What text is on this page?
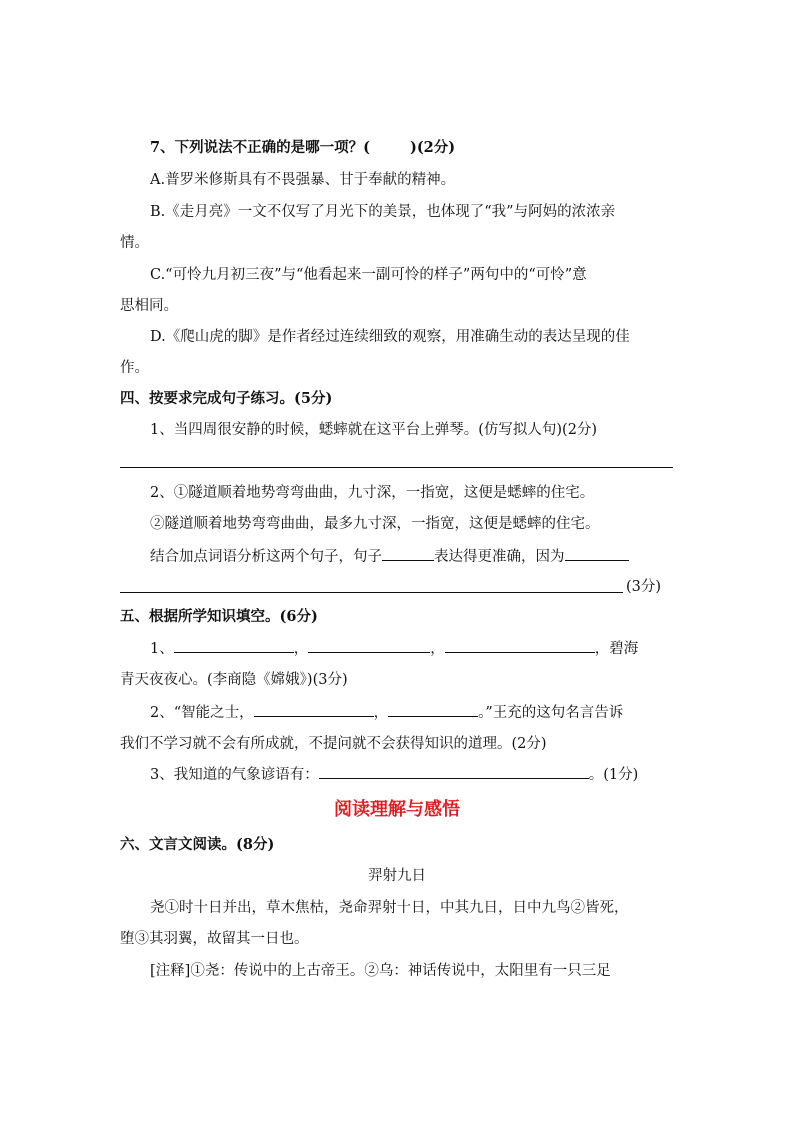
7、下列说法不正确的是哪一项？(	)(2分)
A.普罗米修斯具有不畏强暴、甘于奉献的精神。
B.《走月亮》一文不仅写了月光下的美景，也体现了“我”与阿妈的浓浓亲
情。
C.“可怜九月初三夜”与“他看起来一副可怜的样子”两句中的“可怜”意
思相同。
D.《爬山虎的脚》是作者经过连续细致的观察，用准确生动的表达呈现的佳
作。
四、按要求完成句子练习。(5分)
1、当四周很安静的时候，蟋蟀就在这平台上弹琴。(仿写拟人句)(2分)
2、①隧道顺着地势弯弯曲曲，九寸深，一指宽，这便是蟋蟀的住宅。
②隧道顺着地势弯弯曲曲，最多九寸深，一指宽，这便是蟋蟀的住宅。
结合加点词语分析这两个句子，句子	表达得更准确，因为
(3分)
五、根据所学知识填空。(6分)
1、	，	，	，碧海
青天夜夜心。(李商隐《嫦娥》)(3分)
2、“智能之士，	，	。”王充的这句名言告诉
我们不学习就不会有所成就，不提问就不会获得知识的道理。(2分)
3、我知道的气象谚语有：	。(1分)
阅读理解与感悟
六、文言文阅读。(8分)
羿射九日
尧①时十日并出，草木焦枯，尧命羿射十日，中其九日，日中九鸟②皆死，
堕③其羽翼，故留其一日也。
[注释]①尧：传说中的上古帝王。②乌：神话传说中，太阳里有一只三足
